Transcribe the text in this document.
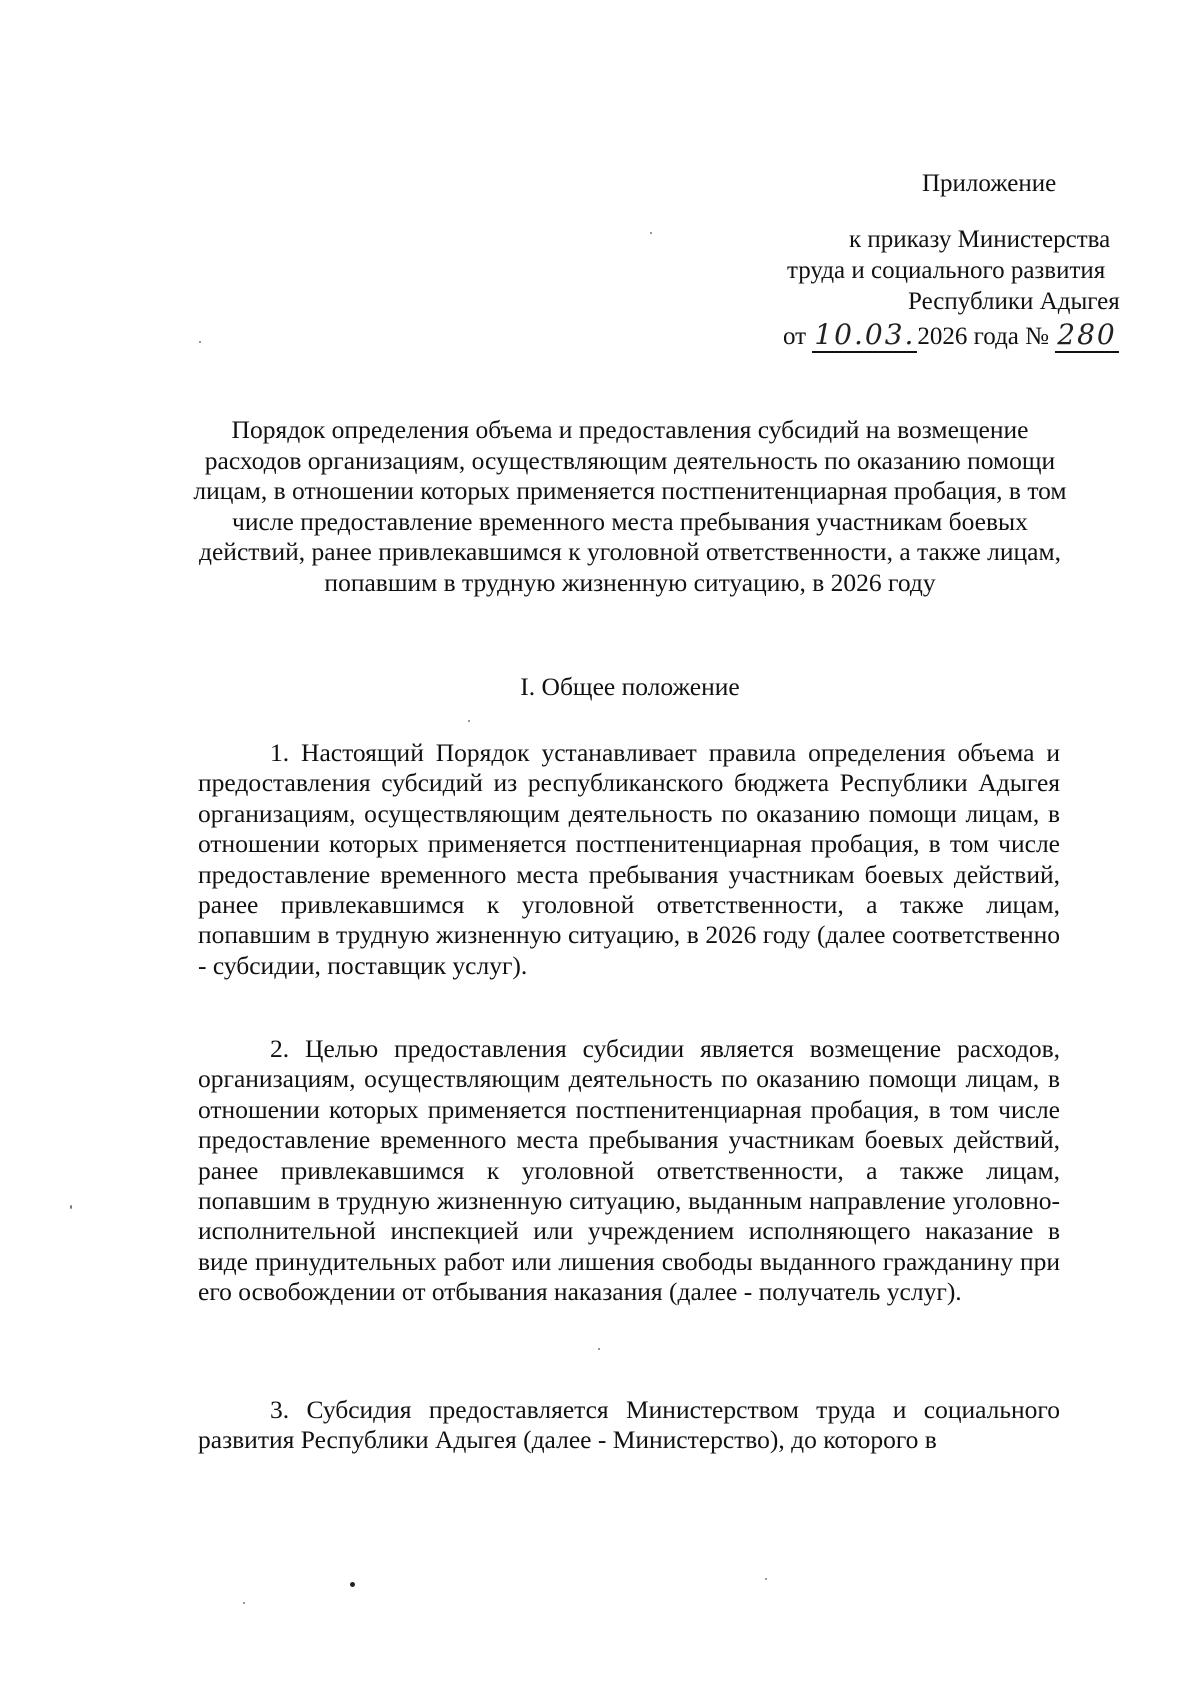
Приложение
к приказу Министерства
труда и социального развития
Республики Адыгея
от 10.03.2026 года № 280
Порядок определения объема и предоставления субсидий на возмещение расходов организациям, осуществляющим деятельность по оказанию помощи лицам, в отношении которых применяется постпенитенциарная пробация, в том числе предоставление временного места пребывания участникам боевых действий, ранее привлекавшимся к уголовной ответственности, а также лицам, попавшим в трудную жизненную ситуацию, в 2026 году
I. Общее положение

1. Настоящий Порядок устанавливает правила определения объема и предоставления субсидий из республиканского бюджета Республики Адыгея организациям, осуществляющим деятельность по оказанию помощи лицам, в отношении которых применяется постпенитенциарная пробация, в том числе предоставление временного места пребывания участникам боевых действий, ранее привлекавшимся к уголовной ответственности, а также лицам, попавшим в трудную жизненную ситуацию, в 2026 году (далее соответственно - субсидии, поставщик услуг).

2. Целью предоставления субсидии является возмещение расходов, организациям, осуществляющим деятельность по оказанию помощи лицам, в отношении которых применяется постпенитенциарная пробация, в том числе предоставление временного места пребывания участникам боевых действий, ранее привлекавшимся к уголовной ответственности, а также лицам, попавшим в трудную жизненную ситуацию, выданным направление уголовно-исполнительной инспекцией или учреждением исполняющего наказание в виде принудительных работ или лишения свободы выданного гражданину при его освобождении от отбывания наказания (далее - получатель услуг).

3. Субсидия предоставляется Министерством труда и социального развития Республики Адыгея (далее - Министерство), до которого в
